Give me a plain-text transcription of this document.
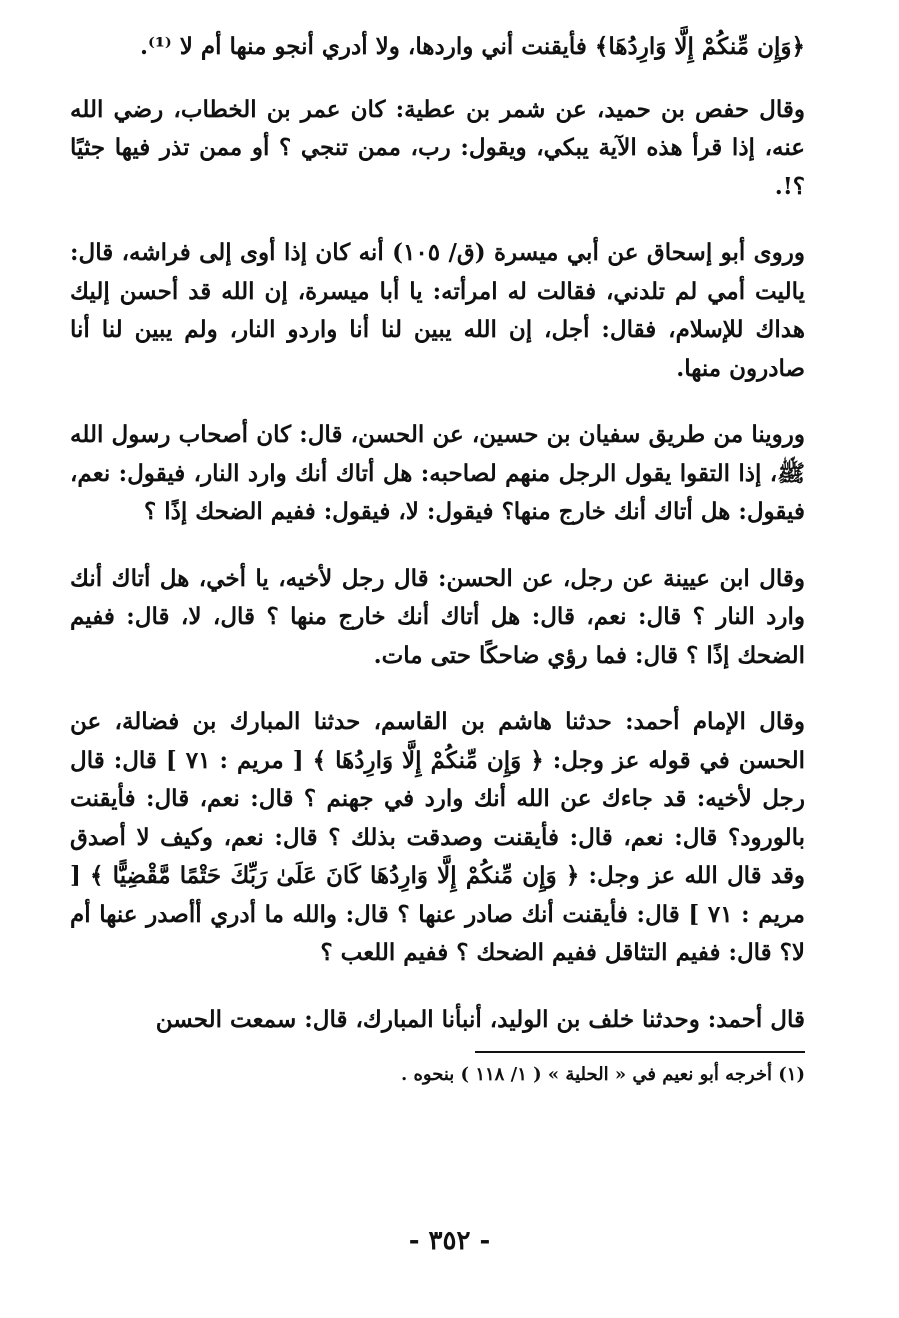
﴿وَإِن مِّنكُمْ إِلَّا وَارِدُهَا﴾ فأيقنت أني واردها، ولا أدري أنجو منها أم لا ⁽¹⁾.

وقال حفص بن حميد، عن شمر بن عطية: كان عمر بن الخطاب، رضي الله عنه، إذا قرأ هذه الآية يبكي، ويقول: رب، ممن تنجي ؟ أو ممن تذر فيها جثيًا ؟!.

وروى أبو إسحاق عن أبي ميسرة (ق/ ١٠٥) أنه كان إذا أوى إلى فراشه، قال: ياليت أمي لم تلدني، فقالت له امرأته: يا أبا ميسرة، إن الله قد أحسن إليك هداك للإسلام، فقال: أجل، إن الله يبين لنا أنا واردو النار، ولم يبين لنا أنا صادرون منها.

وروينا من طريق سفيان بن حسين، عن الحسن، قال: كان أصحاب رسول الله ﷺ، إذا التقوا يقول الرجل منهم لصاحبه: هل أتاك أنك وارد النار، فيقول: نعم، فيقول: هل أتاك أنك خارج منها؟ فيقول: لا، فيقول: ففيم الضحك إذًا ؟

وقال ابن عيينة عن رجل، عن الحسن: قال رجل لأخيه، يا أخي، هل أتاك أنك وارد النار ؟ قال: نعم، قال: هل أتاك أنك خارج منها ؟ قال، لا، قال: ففيم الضحك إذًا ؟ قال: فما رؤي ضاحكًا حتى مات.

وقال الإمام أحمد: حدثنا هاشم بن القاسم، حدثنا المبارك بن فضالة، عن الحسن في قوله عز وجل: ﴿ وَإِن مِّنكُمْ إِلَّا وَارِدُهَا ﴾ [ مريم : ٧١ ] قال: قال رجل لأخيه: قد جاءك عن الله أنك وارد في جهنم ؟ قال: نعم، قال: فأيقنت بالورود؟ قال: نعم، قال: فأيقنت وصدقت بذلك ؟ قال: نعم، وكيف لا أصدق وقد قال الله عز وجل: ﴿ وَإِن مِّنكُمْ إِلَّا وَارِدُهَا كَانَ عَلَىٰ رَبِّكَ حَتْمًا مَّقْضِيًّا ﴾ [ مريم : ٧١ ] قال: فأيقنت أنك صادر عنها ؟ قال: والله ما أدري أأصدر عنها أم لا؟ قال: ففيم التثاقل ففيم الضحك ؟ ففيم اللعب ؟

قال أحمد: وحدثنا خلف بن الوليد، أنبأنا المبارك، قال: سمعت الحسن

(١) أخرجه أبو نعيم في « الحلية » ( ١/ ١١٨ ) بنحوه .
- ٣٥٢ -
